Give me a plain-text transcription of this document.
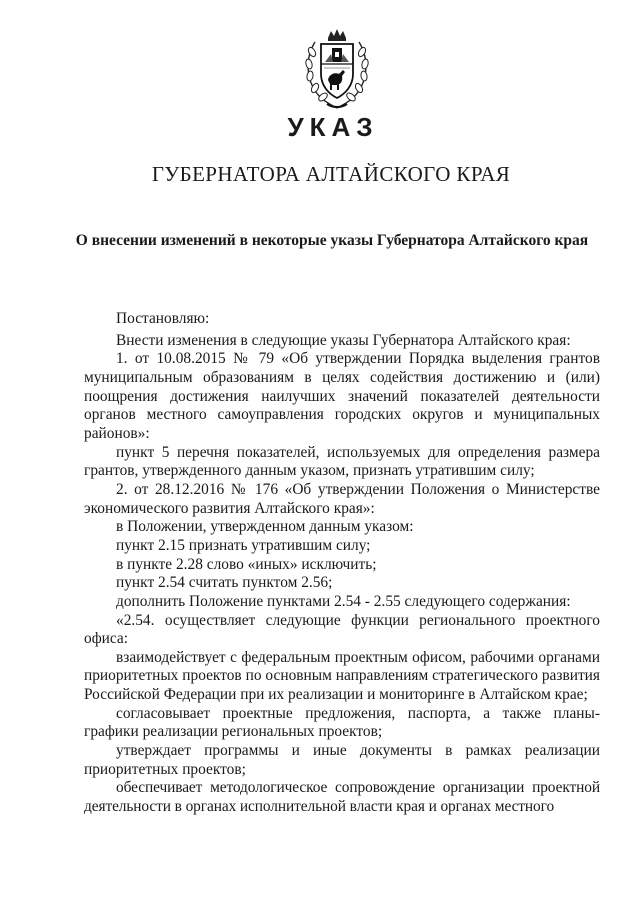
УКАЗ
ГУБЕРНАТОРА АЛТАЙСКОГО КРАЯ
О внесении изменений в некоторые указы Губернатора Алтайского края

Постановляю:

Внести изменения в следующие указы Губернатора Алтайского края:

1. от 10.08.2015 № 79 «Об утверждении Порядка выделения грантов муниципальным образованиям в целях содействия достижению и (или) поощрения достижения наилучших значений показателей деятельности органов местного самоуправления городских округов и муниципальных районов»:

пункт 5 перечня показателей, используемых для определения размера грантов, утвержденного данным указом, признать утратившим силу;

2. от 28.12.2016 № 176 «Об утверждении Положения о Министерстве экономического развития Алтайского края»:

в Положении, утвержденном данным указом:

пункт 2.15 признать утратившим силу;

в пункте 2.28 слово «иных» исключить;

пункт 2.54 считать пунктом 2.56;

дополнить Положение пунктами 2.54 - 2.55 следующего содержания:

«2.54. осуществляет следующие функции регионального проектного офиса:

взаимодействует с федеральным проектным офисом, рабочими органами приоритетных проектов по основным направлениям стратегического развития Российской Федерации при их реализации и мониторинге в Алтайском крае;

согласовывает проектные предложения, паспорта, а также планы-графики реализации региональных проектов;

утверждает программы и иные документы в рамках реализации приоритетных проектов;

обеспечивает методологическое сопровождение организации проектной деятельности в органах исполнительной власти края и органах местного
